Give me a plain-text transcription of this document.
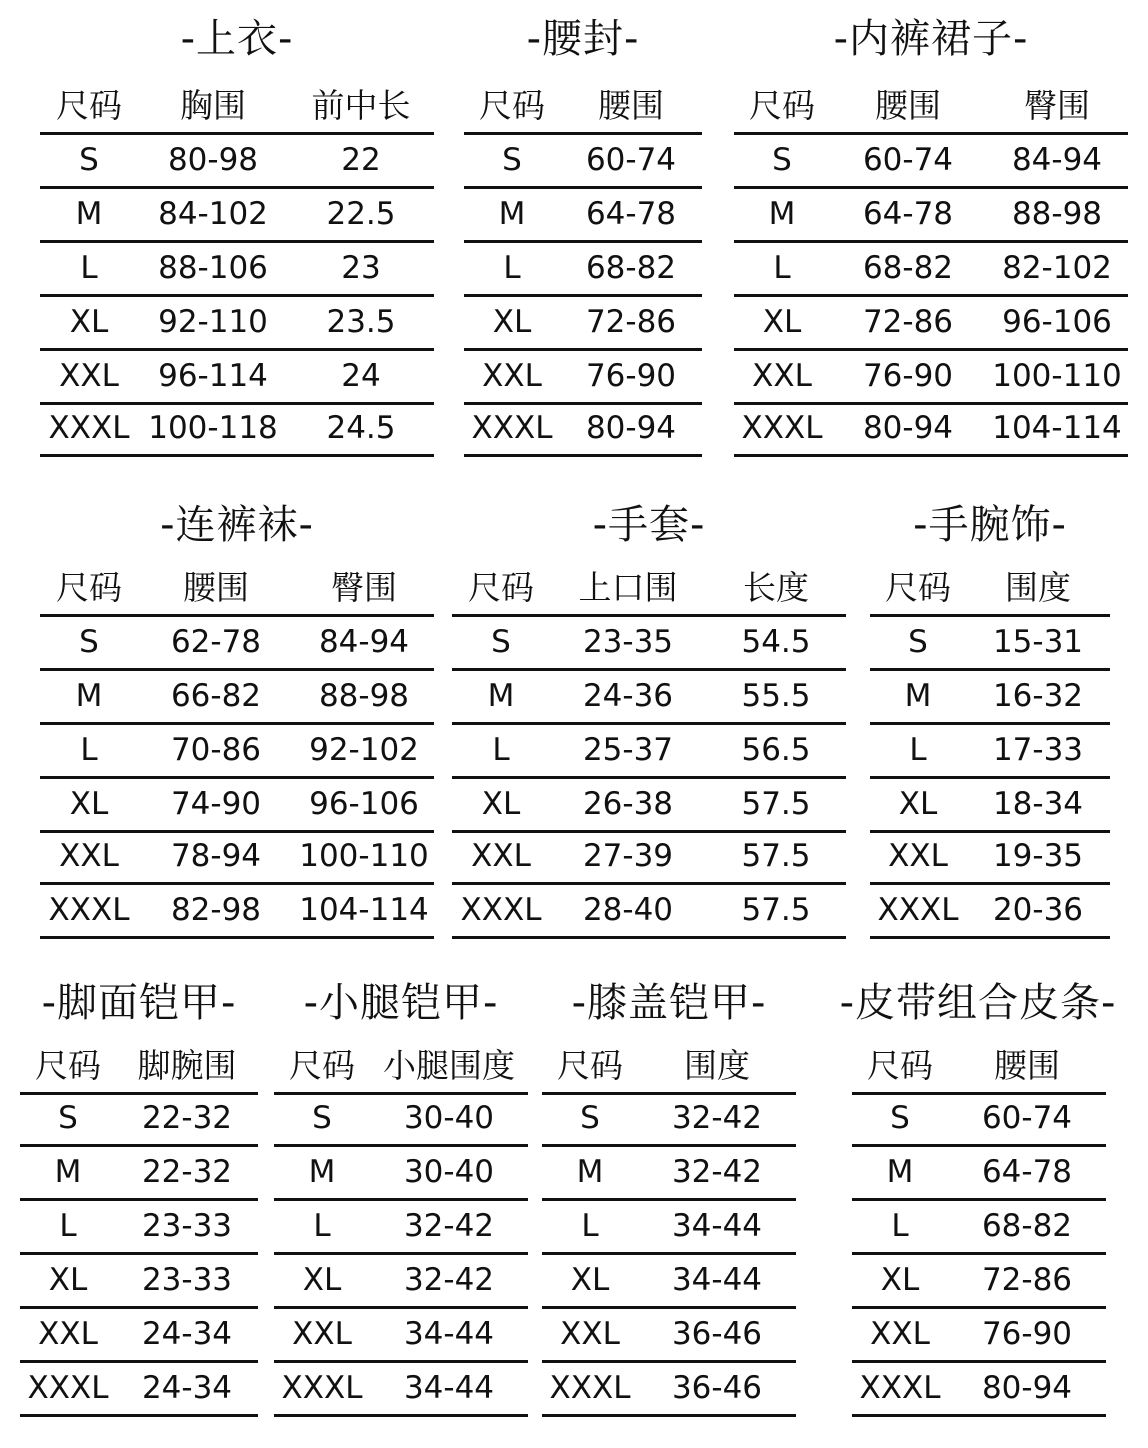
-上衣-
尺码	胸围	前中长
S	80-98	22
M	84-102	22.5
L	88-106	23
XL	92-110	23.5
XXL	96-114	24
XXXL 100-118	24.5
-腰封-
尺码	腰围
S	60-74
M	64-78
L	68-82
XL	72-86
XXL	76-90
XXXL	80-94
-内裤裙子-
尺码	腰围	臀围
S	60-74	84-94
M	64-78	88-98
L	68-82	82-102
XL	72-86	96-106
XXL	76-90	100-110
XXXL	80-94	104-114
-连裤袜-
尺码	腰围	臀围
S	62-78	84-94
M	66-82	88-98
L	70-86	92-102
XL	74-90	96-106
XXL	78-94	100-110
XXXL	82-98	104-114
-手套-
尺码	上口围	长度
S	23-35	54.5
M	24-36	55.5
L	25-37	56.5
XL	26-38	57.5
XXL	27-39	57.5
XXXL	28-40	57.5
-手腕饰-
尺码	围度
S	15-31
M	16-32
L	17-33
XL	18-34
XXL	19-35
XXXL	20-36
-脚面铠甲-
尺码	脚腕围
S	22-32
M	22-32
L	23-33
XL	23-33
XXL	24-34
XXXL	24-34
-小腿铠甲-
尺码 小腿围度
S	30-40
M	30-40
L	32-42
XL	32-42
XXL	34-44
XXXL	34-44
-膝盖铠甲-
尺码	围度
S	32-42
M	32-42
L	34-44
XL	34-44
XXL	36-46
XXXL	36-46
-皮带组合皮条-
尺码	腰围
S	60-74
M	64-78
L	68-82
XL	72-86
XXL	76-90
XXXL	80-94
